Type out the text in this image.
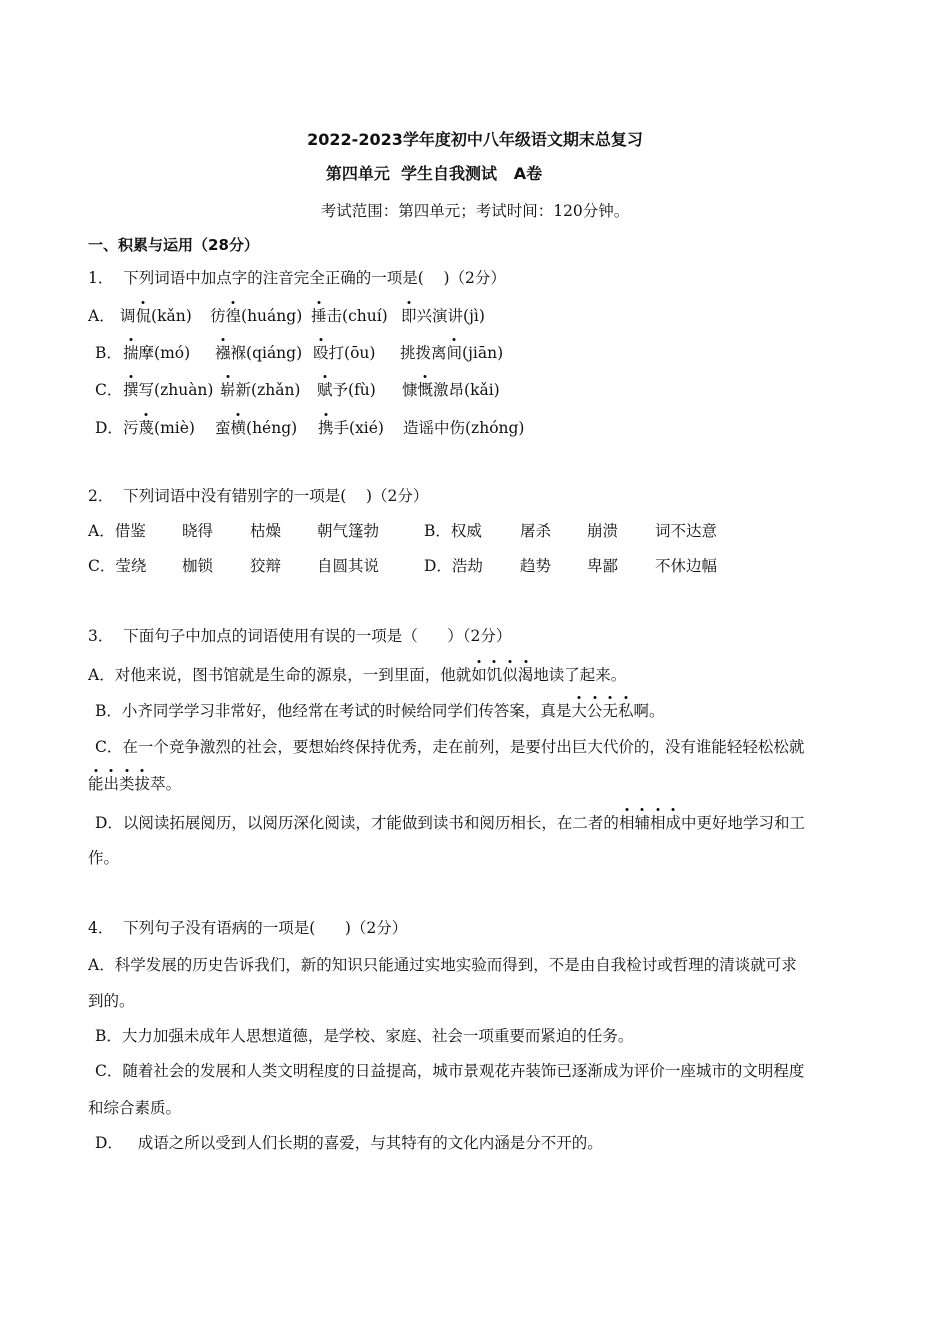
2022-2023学年度初中八年级语文期末总复习
第四单元  学生自我测试   A卷
考试范围：第四单元；考试时间：120分钟。
一、积累与运用（28分）
1．  下列词语中加点字的注音完全正确的一项是(    )（2分）
A． 调侃(kǎn) 彷徨(huáng) 捶击(chuí) 即兴演讲(jì)
B． 揣摩(mó) 襁褓(qiáng) 殴打(ōu) 挑拨离间(jiān)
C． 撰写(zhuàn) 崭新(zhǎn) 赋予(fù) 慷慨激昂(kǎi)
D． 污蔑(miè) 蛮横(héng) 携手(xié) 造谣中伤(zhóng)
2．  下列词语中没有错别字的一项是(    )（2分）
A．借鉴 晓得 枯燥 朝气篷勃	B．权威 屠杀 崩溃 词不达意
C．莹绕 枷锁 狡辩 自圆其说	D．浩劫 趋势 卑鄙 不休边幅
3．  下面句子中加点的词语使用有误的一项是（      ）（2分）
A．对他来说，图书馆就是生命的源泉，一到里面，他就如饥似渴地读了起来。
B．小齐同学学习非常好，他经常在考试的时候给同学们传答案，真是大公无私啊。
C．在一个竞争激烈的社会，要想始终保持优秀，走在前列，是要付出巨大代价的，没有谁能轻轻松松就
能出类拔萃。
D．以阅读拓展阅历，以阅历深化阅读，才能做到读书和阅历相长，在二者的相辅相成中更好地学习和工
作。
4．  下列句子没有语病的一项是(      )（2分）
A．科学发展的历史告诉我们，新的知识只能通过实地实验而得到，不是由自我检讨或哲理的清谈就可求
到的。
B．大力加强未成年人思想道德，是学校、家庭、社会一项重要而紧迫的任务。
C．随着社会的发展和人类文明程度的日益提高，城市景观花卉装饰已逐渐成为评价一座城市的文明程度
和综合素质。
D．   成语之所以受到人们长期的喜爱，与其特有的文化内涵是分不开的。
